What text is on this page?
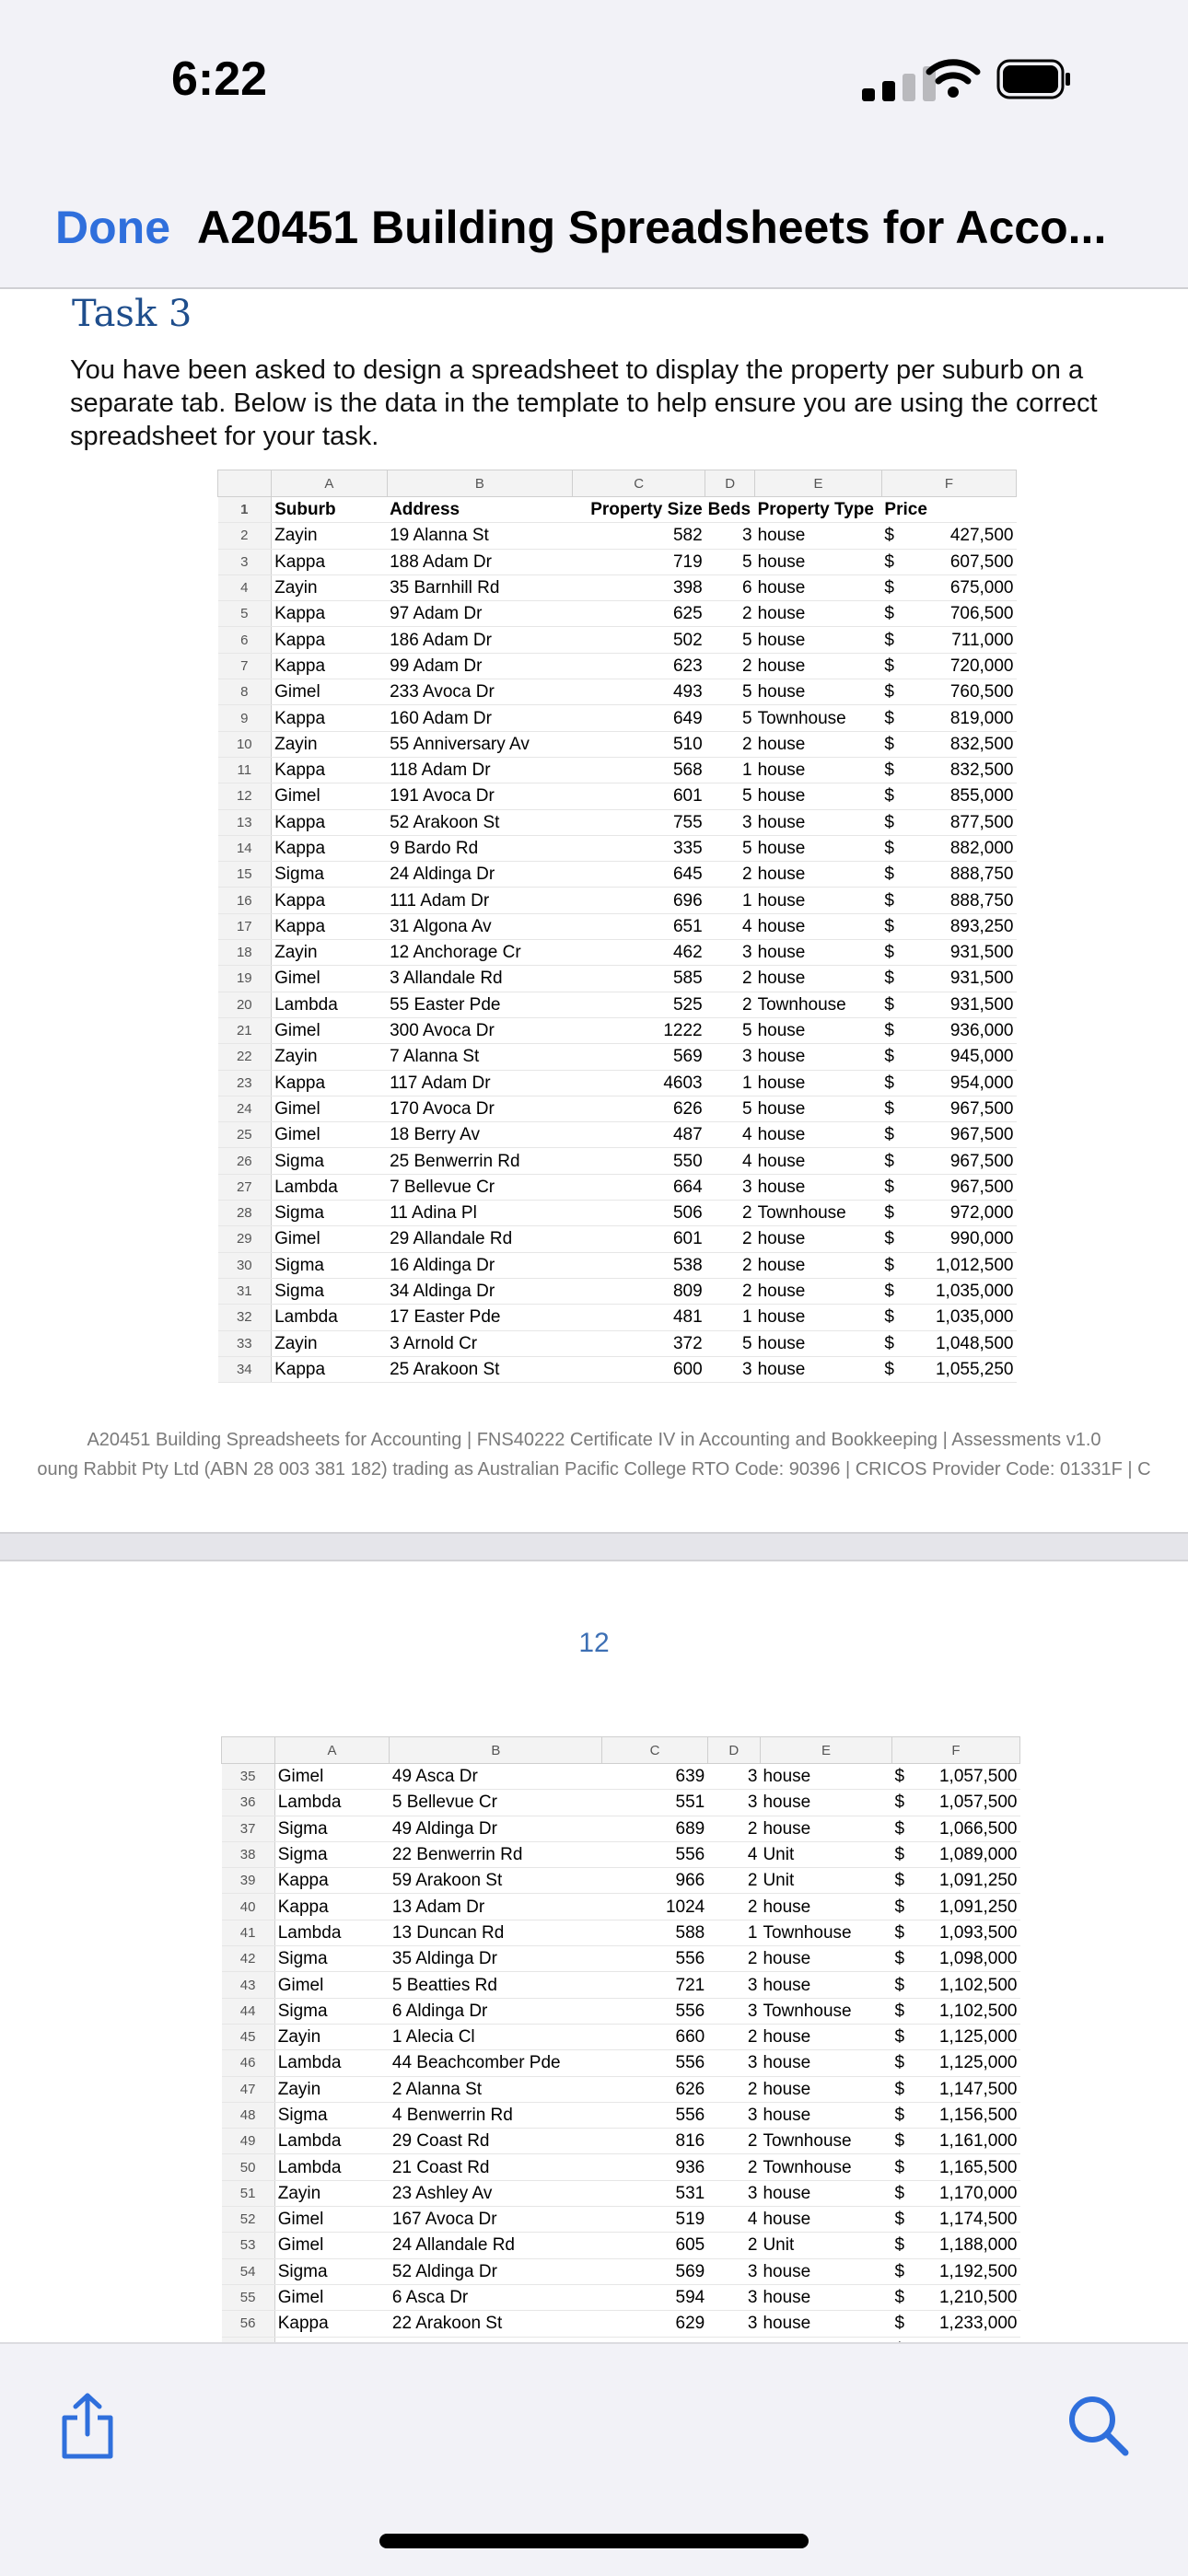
6:22
Done A20451 Building Spreadsheets for Acco...
Task 3
You have been asked to design a spreadsheet to display the property per suburb on a separate tab. Below is the data in the template to help ensure you are using the correct spreadsheet for your task.
	A	B	C	D	E	F
1	Suburb	Address	Property Size	Beds	Property Type	Price
2	Zayin	19 Alanna St	582	3	house	$ 427,500

3	Kappa	188 Adam Dr	719	5	house	$ 607,500

4	Zayin	35 Barnhill Rd	398	6	house	$ 675,000

5	Kappa	97 Adam Dr	625	2	house	$ 706,500

6	Kappa	186 Adam Dr	502	5	house	$ 711,000

7	Kappa	99 Adam Dr	623	2	house	$ 720,000

8	Gimel	233 Avoca Dr	493	5	house	$ 760,500

9	Kappa	160 Adam Dr	649	5	Townhouse	$ 819,000

10	Zayin	55 Anniversary Av	510	2	house	$ 832,500

11	Kappa	118 Adam Dr	568	1	house	$ 832,500

12	Gimel	191 Avoca Dr	601	5	house	$ 855,000

13	Kappa	52 Arakoon St	755	3	house	$ 877,500

14	Kappa	9 Bardo Rd	335	5	house	$ 882,000

15	Sigma	24 Aldinga Dr	645	2	house	$ 888,750

16	Kappa	111 Adam Dr	696	1	house	$ 888,750

17	Kappa	31 Algona Av	651	4	house	$ 893,250

18	Zayin	12 Anchorage Cr	462	3	house	$ 931,500

19	Gimel	3 Allandale Rd	585	2	house	$ 931,500

20	Lambda	55 Easter Pde	525	2	Townhouse	$ 931,500

21	Gimel	300 Avoca Dr	1222	5	house	$ 936,000

22	Zayin	7 Alanna St	569	3	house	$ 945,000

23	Kappa	117 Adam Dr	4603	1	house	$ 954,000

24	Gimel	170 Avoca Dr	626	5	house	$ 967,500

25	Gimel	18 Berry Av	487	4	house	$ 967,500

26	Sigma	25 Benwerrin Rd	550	4	house	$ 967,500

27	Lambda	7 Bellevue Cr	664	3	house	$ 967,500

28	Sigma	11 Adina Pl	506	2	Townhouse	$ 972,000

29	Gimel	29 Allandale Rd	601	2	house	$ 990,000

30	Sigma	16 Aldinga Dr	538	2	house	$ 1,012,500

31	Sigma	34 Aldinga Dr	809	2	house	$ 1,035,000

32	Lambda	17 Easter Pde	481	1	house	$ 1,035,000

33	Zayin	3 Arnold Cr	372	5	house	$ 1,048,500

34	Kappa	25 Arakoon St	600	3	house	$ 1,055,250
A20451 Building Spreadsheets for Accounting | FNS40222 Certificate IV in Accounting and Bookkeeping | Assessments v1.0
oung Rabbit Pty Ltd (ABN 28 003 381 182) trading as Australian Pacific College RTO Code: 90396 | CRICOS Provider Code: 01331F | C
12
	A	B	C	D	E	F
35	Gimel	49 Asca Dr	639	3	house	$ 1,057,500

36	Lambda	5 Bellevue Cr	551	3	house	$ 1,057,500

37	Sigma	49 Aldinga Dr	689	2	house	$ 1,066,500

38	Sigma	22 Benwerrin Rd	556	4	Unit	$ 1,089,000

39	Kappa	59 Arakoon St	966	2	Unit	$ 1,091,250

40	Kappa	13 Adam Dr	1024	2	house	$ 1,091,250

41	Lambda	13 Duncan Rd	588	1	Townhouse	$ 1,093,500

42	Sigma	35 Aldinga Dr	556	2	house	$ 1,098,000

43	Gimel	5 Beatties Rd	721	3	house	$ 1,102,500

44	Sigma	6 Aldinga Dr	556	3	Townhouse	$ 1,102,500

45	Zayin	1 Alecia Cl	660	2	house	$ 1,125,000

46	Lambda	44 Beachcomber Pde	556	3	house	$ 1,125,000

47	Zayin	2 Alanna St	626	2	house	$ 1,147,500

48	Sigma	4 Benwerrin Rd	556	3	house	$ 1,156,500

49	Lambda	29 Coast Rd	816	2	Townhouse	$ 1,161,000

50	Lambda	21 Coast Rd	936	2	Townhouse	$ 1,165,500

51	Zayin	23 Ashley Av	531	3	house	$ 1,170,000

52	Gimel	167 Avoca Dr	519	4	house	$ 1,174,500

53	Gimel	24 Allandale Rd	605	2	Unit	$ 1,188,000

54	Sigma	52 Aldinga Dr	569	3	house	$ 1,192,500

55	Gimel	6 Asca Dr	594	3	house	$ 1,210,500

56	Kappa	22 Arakoon St	629	3	house	$ 1,233,000
